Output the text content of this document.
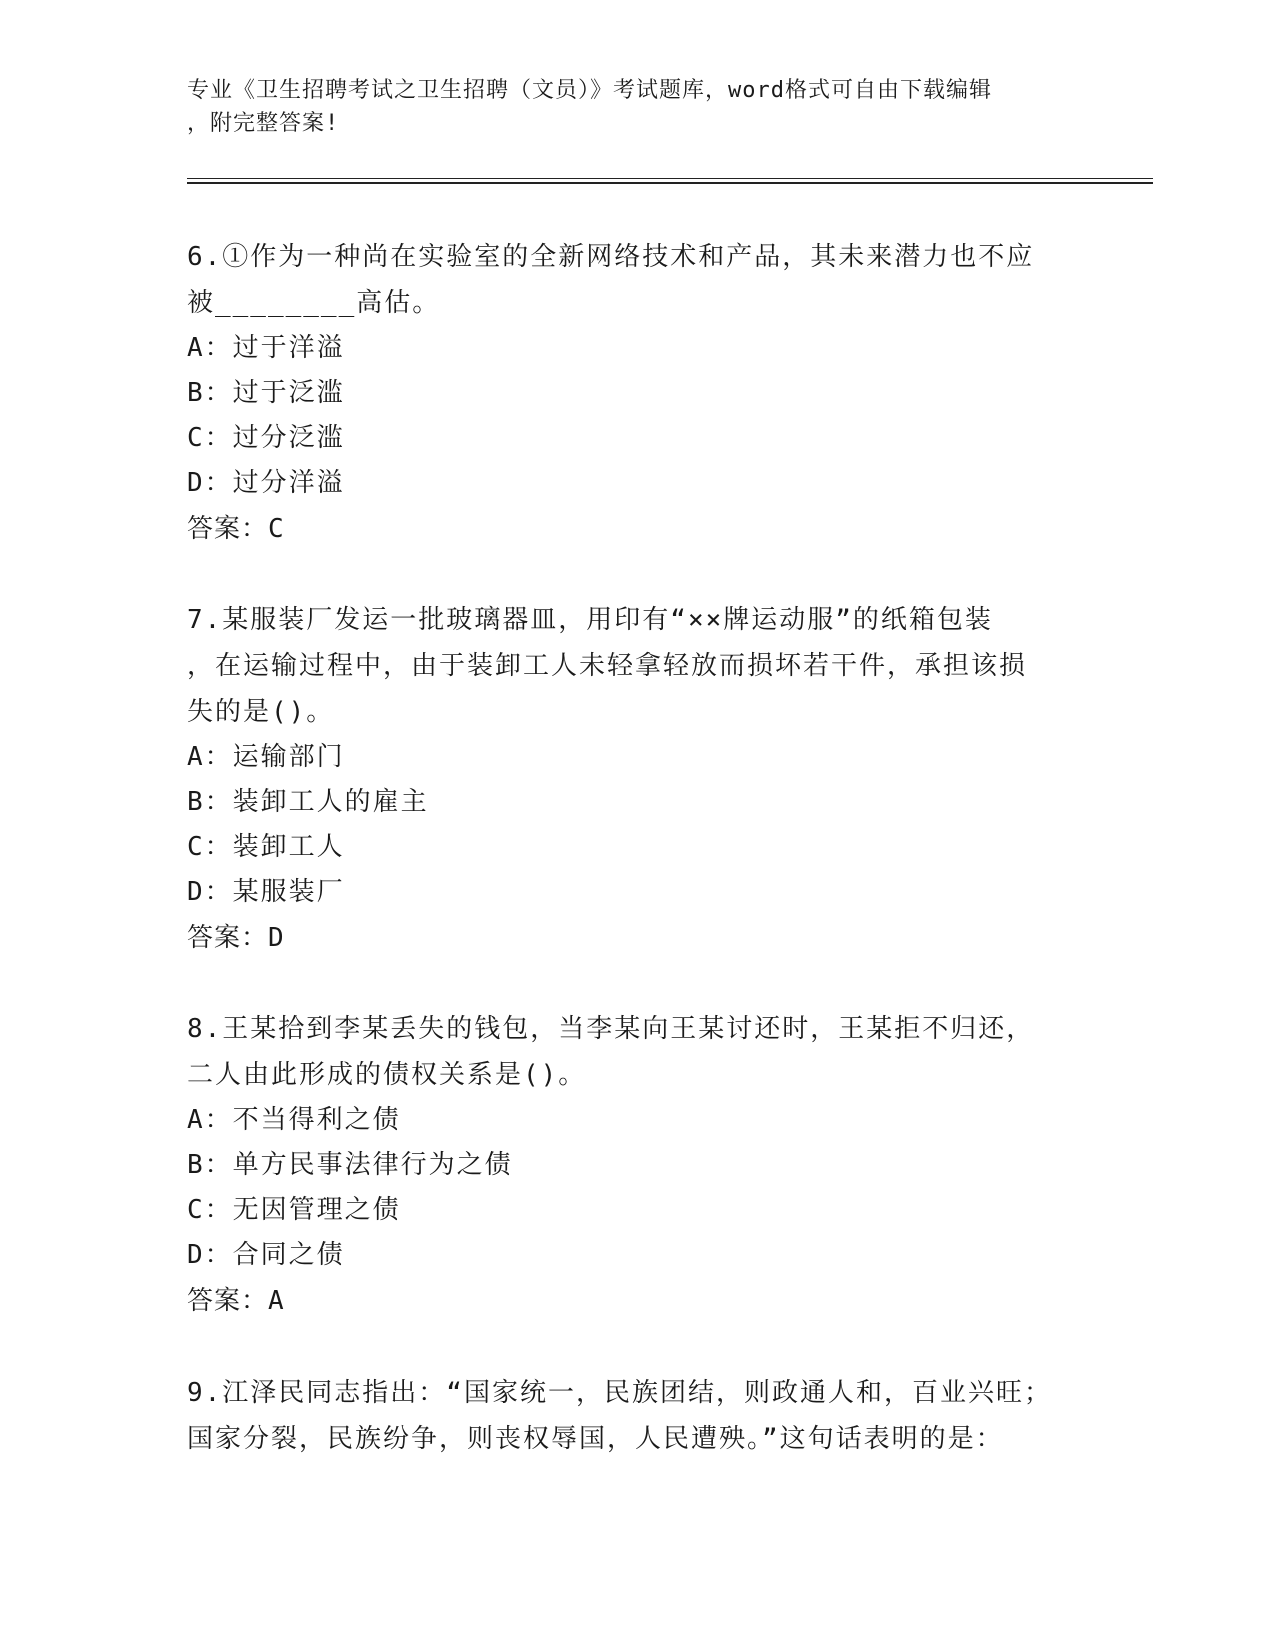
专业《卫生招聘考试之卫生招聘（文员）》考试题库，word格式可自由下载编辑
，附完整答案!

6.①作为一种尚在实验室的全新网络技术和产品，其未来潜力也不应

被________高估。

A：过于洋溢

B：过于泛滥

C：过分泛滥

D：过分洋溢

答案：C

7.某服装厂发运一批玻璃器皿，用印有“××牌运动服”的纸箱包装

，在运输过程中，由于装卸工人未轻拿轻放而损坏若干件，承担该损

失的是()。

A：运输部门

B：装卸工人的雇主

C：装卸工人

D：某服装厂

答案：D

8.王某拾到李某丢失的钱包，当李某向王某讨还时，王某拒不归还，

二人由此形成的债权关系是()。

A：不当得利之债

B：单方民事法律行为之债

C：无因管理之债

D：合同之债

答案：A

9.江泽民同志指出：“国家统一，民族团结，则政通人和，百业兴旺；

国家分裂，民族纷争，则丧权辱国，人民遭殃。”这句话表明的是：
